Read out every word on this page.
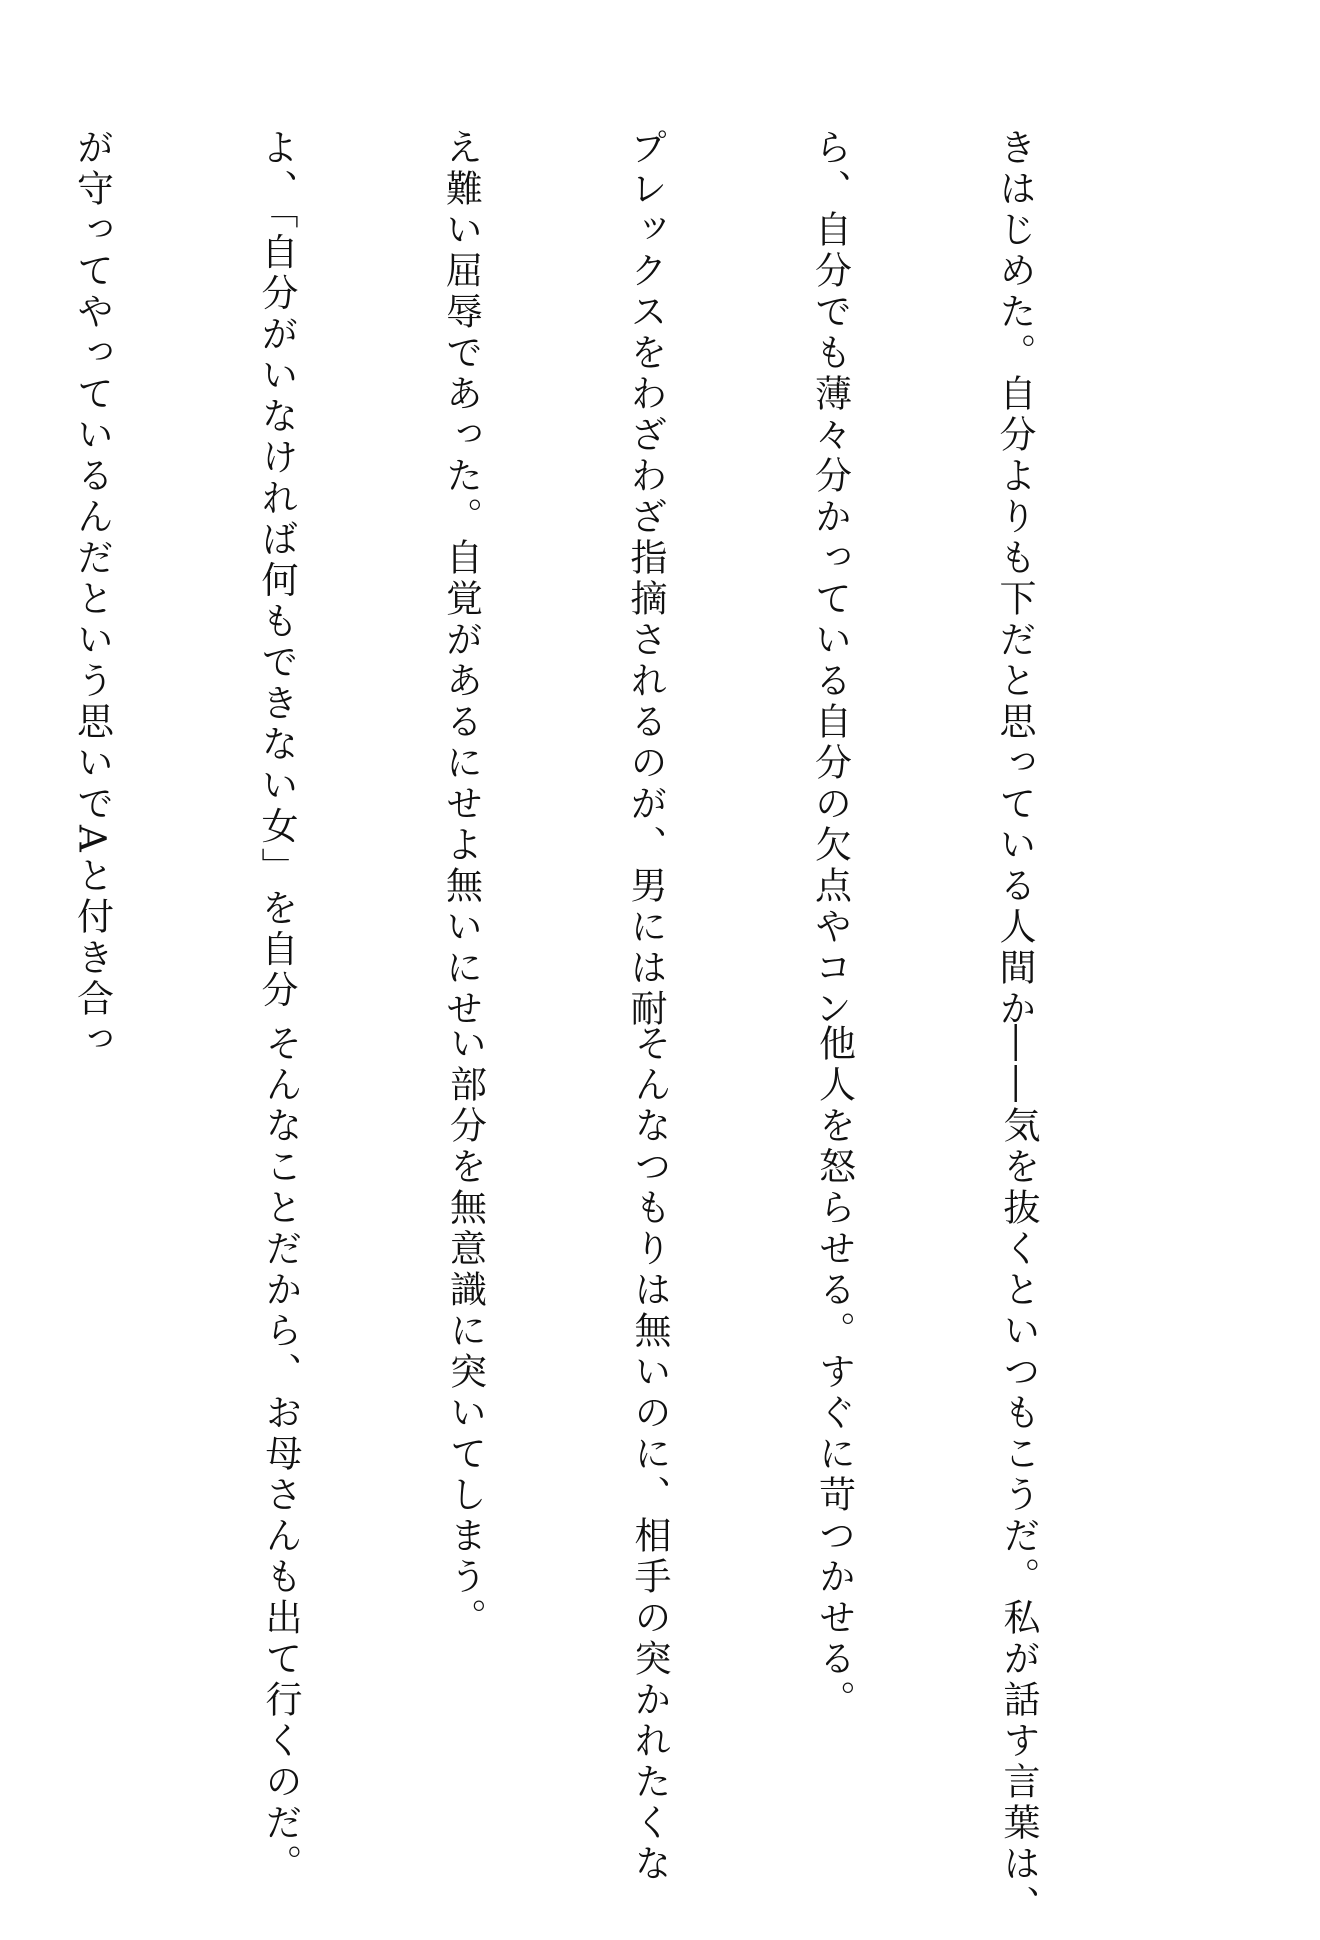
きはじめた。自分よりも下だと思っている人間か

ら、自分でも薄々分かっている自分の欠点やコン

プレックスをわざわざ指摘されるのが、男には耐

え難い屈辱であった。自覚があるにせよ無いにせ

よ、「自分がいなければ何もできない女」を自分

が守ってやっているんだという思いでAと付き合っ

――気を抜くといつもこうだ。私が話す言葉は、

他人を怒らせる。すぐに苛つかせる。

そんなつもりは無いのに、相手の突かれたくな

い部分を無意識に突いてしまう。

そんなことだから、お母さんも出て行くのだ。
